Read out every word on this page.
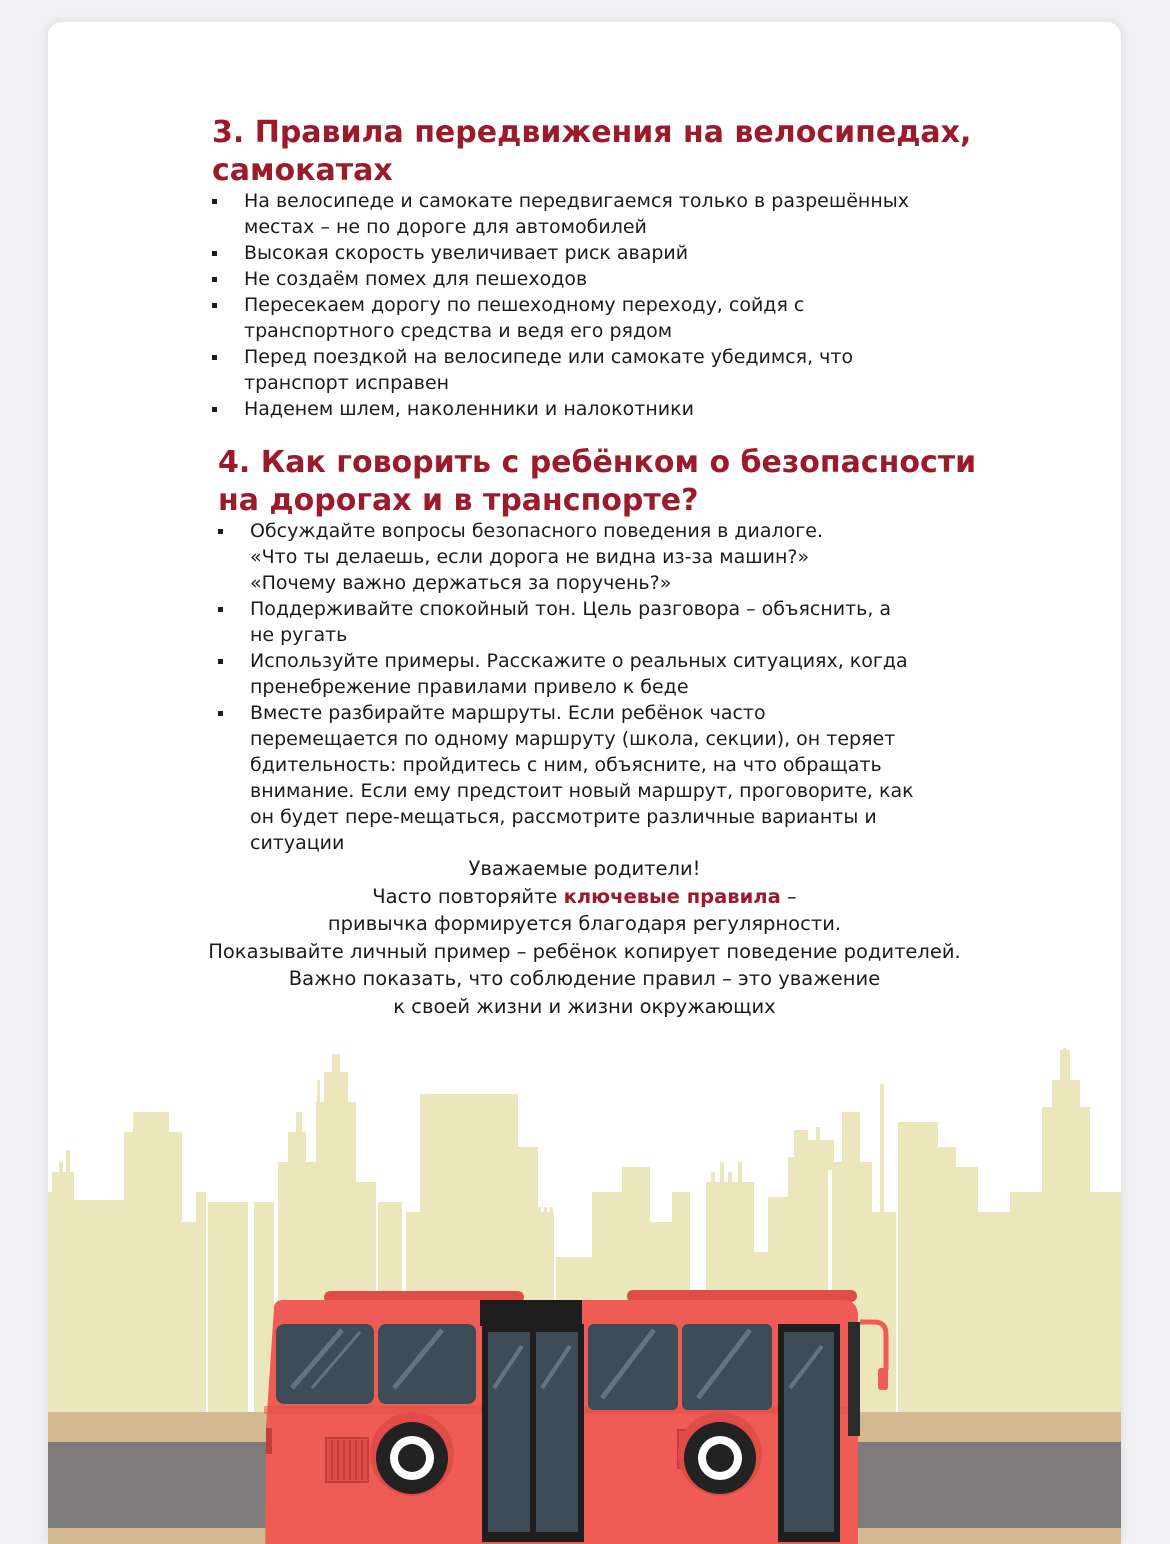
3. Правила передвижения на велосипедах, самокатах
На велосипеде и самокате передвигаемся только в разрешённых местах – не по дороге для автомобилей
Высокая скорость увеличивает риск аварий
Не создаём помех для пешеходов
Пересекаем дорогу по пешеходному переходу, сойдя с транспортного средства и ведя его рядом
Перед поездкой на велосипеде или самокате убедимся, что транспорт исправен
Наденем шлем, наколенники и налокотники
4. Как говорить с ребёнком о безопасности на дорогах и в транспорте?
Обсуждайте вопросы безопасного поведения в диалоге.
«Что ты делаешь, если дорога не видна из-за машин?»
«Почему важно держаться за поручень?»
Поддерживайте спокойный тон. Цель разговора – объяснить, а не ругать
Используйте примеры. Расскажите о реальных ситуациях, когда пренебрежение правилами привело к беде
Вместе разбирайте маршруты. Если ребёнок часто перемещается по одному маршруту (школа, секции), он теряет бдительность: пройдитесь с ним, объясните, на что обращать внимание. Если ему предстоит новый маршрут, проговорите, как он будет пере-мещаться, рассмотрите различные варианты и ситуации

Уважаемые родители!
Часто повторяйте ключевые правила –
привычка формируется благодаря регулярности.
Показывайте личный пример – ребёнок копирует поведение родителей.
Важно показать, что соблюдение правил – это уважение
к своей жизни и жизни окружающих
